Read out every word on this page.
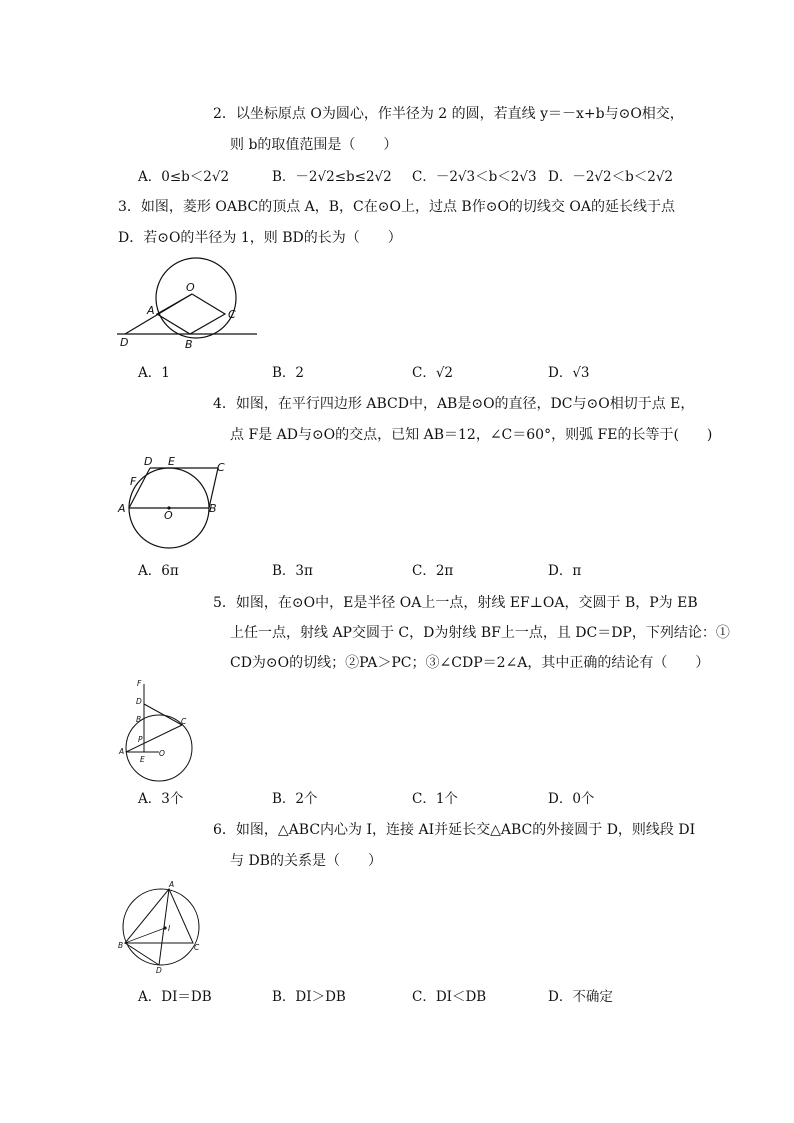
2．以坐标原点 O为圆心，作半径为 2 的圆，若直线 y＝－x+b与⊙O相交，
则 b的取值范围是（　　）
A．0≤b＜2√2	B．－2√2≤b≤2√2 C．－2√3＜b＜2√3 D．－2√2＜b＜2√2
3．如图，菱形 OABC的顶点 A，B，C在⊙O上，过点 B作⊙O的切线交 OA的延长线于点
D．若⊙O的半径为 1，则 BD的长为（　　）
O
A	C
D	B
A．1	B．2	C．√2	D．√3
4．如图，在平行四边形 ABCD中，AB是⊙O的直径，DC与⊙O相切于点 E，
点 F是 AD与⊙O的交点，已知 AB＝12，∠C＝60°，则弧 FE的长等于(　　)
D E	C
F
A
O
B
A．6π	B．3π	C．2π	D．π
5．如图，在⊙O中，E是半径 OA上一点，射线 EF⊥OA，交圆于 B，P为 EB
上任一点，射线 AP交圆于 C，D为射线 BF上一点，且 DC＝DP，下列结论：①
CD为⊙O的切线；②PA＞PC；③∠CDP＝2∠A，其中正确的结论有（　　）
F
D
B	C
P
A	O
E
A．3个	B．2个	C．1个	D．0个
6．如图，△ABC内心为 I，连接 AI并延长交△ABC的外接圆于 D，则线段 DI
与 DB的关系是（　　）
A
I
B	C
D
A．DI＝DB	B．DI＞DB	C．DI＜DB	D．不确定
